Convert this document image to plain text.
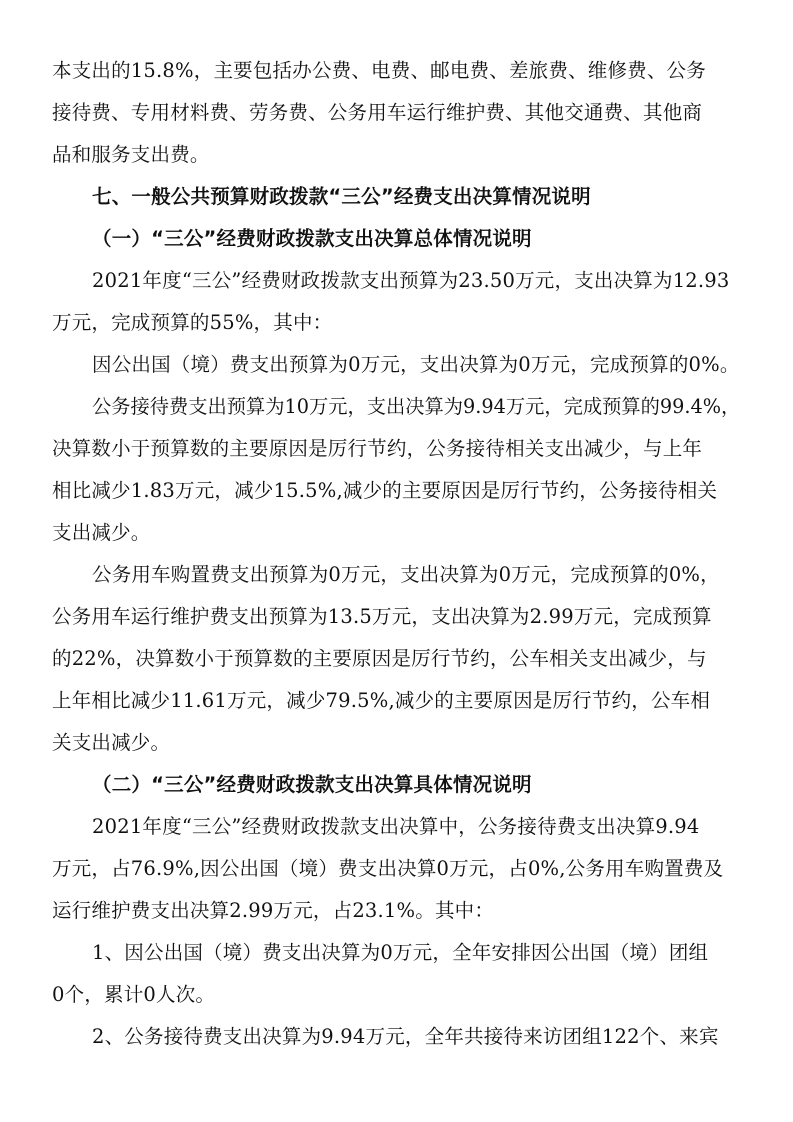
本支出的15.8%，主要包括办公费、电费、邮电费、差旅费、维修费、公务
接待费、专用材料费、劳务费、公务用车运行维护费、其他交通费、其他商
品和服务支出费。
七、一般公共预算财政拨款“三公”经费支出决算情况说明
（一）“三公”经费财政拨款支出决算总体情况说明
2021年度“三公”经费财政拨款支出预算为23.50万元，支出决算为12.93
万元，完成预算的55%，其中：
因公出国（境）费支出预算为0万元，支出决算为0万元，完成预算的0%。
公务接待费支出预算为10万元，支出决算为9.94万元，完成预算的99.4%，
决算数小于预算数的主要原因是厉行节约，公务接待相关支出减少，与上年
相比减少1.83万元，减少15.5%,减少的主要原因是厉行节约，公务接待相关
支出减少。
公务用车购置费支出预算为0万元，支出决算为0万元，完成预算的0%，
公务用车运行维护费支出预算为13.5万元，支出决算为2.99万元，完成预算
的22%，决算数小于预算数的主要原因是厉行节约，公车相关支出减少，与
上年相比减少11.61万元，减少79.5%,减少的主要原因是厉行节约，公车相
关支出减少。
（二）“三公”经费财政拨款支出决算具体情况说明
2021年度“三公”经费财政拨款支出决算中，公务接待费支出决算9.94
万元，占76.9%,因公出国（境）费支出决算0万元，占0%,公务用车购置费及
运行维护费支出决算2.99万元，占23.1%。其中：
1、因公出国（境）费支出决算为0万元，全年安排因公出国（境）团组
0个，累计0人次。
2、公务接待费支出决算为9.94万元，全年共接待来访团组122个、来宾
